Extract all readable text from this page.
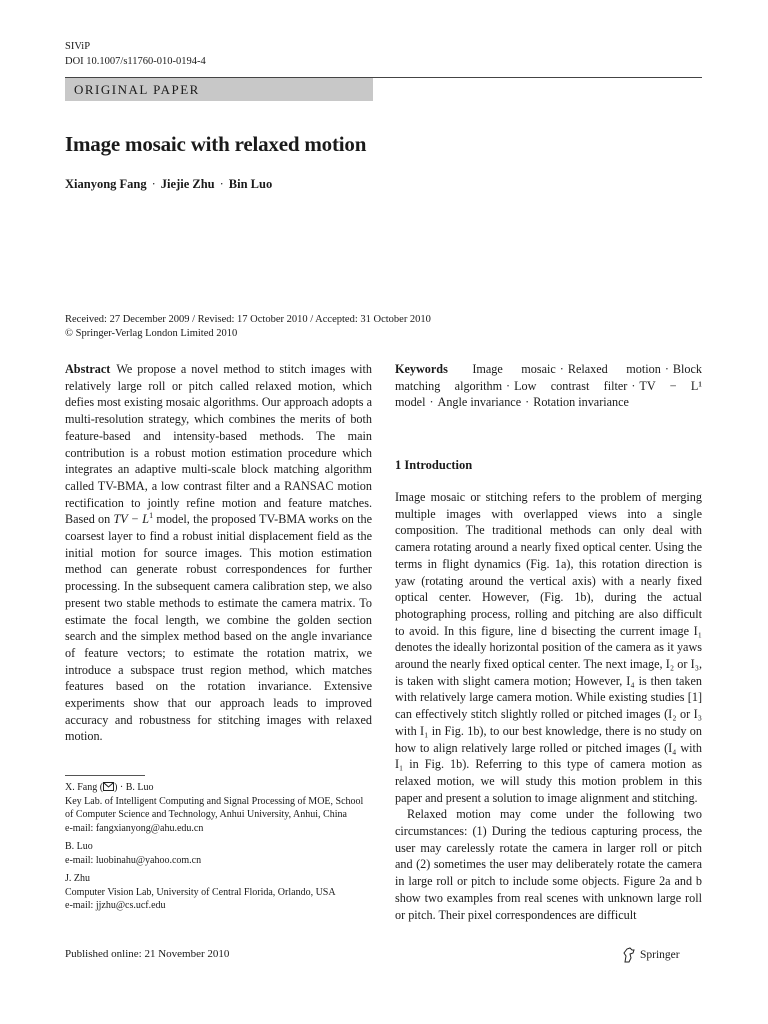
SIViP
DOI 10.1007/s11760-010-0194-4
ORIGINAL PAPER
Image mosaic with relaxed motion
Xianyong Fang · Jiejie Zhu · Bin Luo
Received: 27 December 2009 / Revised: 17 October 2010 / Accepted: 31 October 2010
© Springer-Verlag London Limited 2010
Abstract We propose a novel method to stitch images with relatively large roll or pitch called relaxed motion, which defies most existing mosaic algorithms. Our approach adopts a multi-resolution strategy, which combines the merits of both feature-based and intensity-based methods. The main contribution is a robust motion estimation procedure which integrates an adaptive multi-scale block matching algorithm called TV-BMA, a low contrast filter and a RANSAC motion rectification to jointly refine motion and feature matches. Based on TV − $L^1$ model, the proposed TV-BMA works on the coarsest layer to find a robust initial displacement field as the initial motion for source images. This motion estimation method can generate robust correspondences for further processing. In the subsequent camera calibration step, we also present two stable methods to estimate the camera matrix. To estimate the focal length, we combine the golden section search and the simplex method based on the angle invariance of feature vectors; to estimate the rotation matrix, we introduce a subspace trust region method, which matches features based on the rotation invariance. Extensive experiments show that our approach leads to improved accuracy and robustness for stitching images with relaxed motion.
Keywords Image mosaic · Relaxed motion · Block matching algorithm · Low contrast filter · TV − L¹ model · Angle invariance · Rotation invariance
1 Introduction

Image mosaic or stitching refers to the problem of merging multiple images with overlapped views into a single composition. The traditional methods can only deal with camera rotating around a nearly fixed optical center. Using the terms in flight dynamics (Fig. 1a), this rotation direction is yaw (rotating around the vertical axis) with a nearly fixed optical center. However, (Fig. 1b), during the actual photographing process, rolling and pitching are also difficult to avoid. In this figure, line d bisecting the current image I₁ denotes the ideally horizontal position of the camera as it yaws around the nearly fixed optical center. The next image, I₂ or I₃, is taken with slight camera motion; However, I₄ is then taken with relatively large camera motion. While existing studies [1] can effectively stitch slightly rolled or pitched images (I₂ or I₃ with I₁ in Fig. 1b), to our best knowledge, there is no study on how to align relatively large rolled or pitched images (I₄ with I₁ in Fig. 1b). Referring to this type of camera motion as relaxed motion, we will study this motion problem in this paper and present a solution to image alignment and stitching.

Relaxed motion may come under the following two circumstances: (1) During the tedious capturing process, the user may carelessly rotate the camera in larger roll or pitch and (2) sometimes the user may deliberately rotate the camera in large roll or pitch to include some objects. Figure 2a and b show two examples from real scenes with unknown large roll or pitch. Their pixel correspondences are difficult

X. Fang ( ) · B. Luo
Key Lab. of Intelligent Computing and Signal Processing of MOE, School of Computer Science and Technology, Anhui University, Anhui, China
e-mail: fangxianyong@ahu.edu.cn
B. Luo
e-mail: luobinahu@yahoo.com.cn
J. Zhu
Computer Vision Lab, University of Central Florida, Orlando, USA
e-mail: jjzhu@cs.ucf.edu
Published online: 21 November 2010	Springer
